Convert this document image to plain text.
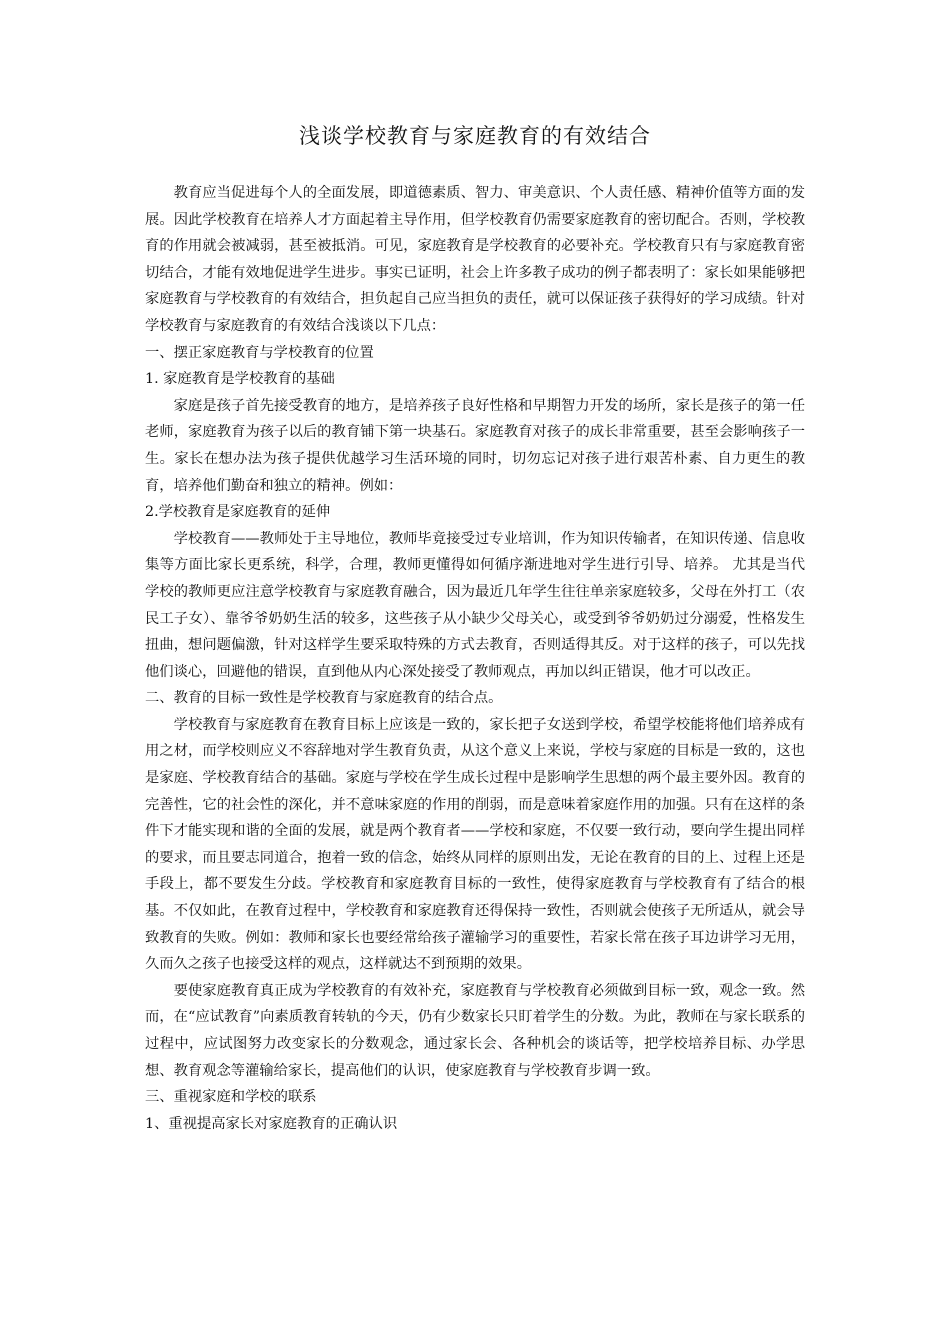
浅谈学校教育与家庭教育的有效结合

教育应当促进每个人的全面发展，即道德素质、智力、审美意识、个人责任感、精神价值等方面的发展。因此学校教育在培养人才方面起着主导作用，但学校教育仍需要家庭教育的密切配合。否则，学校教育的作用就会被减弱，甚至被抵消。可见，家庭教育是学校教育的必要补充。学校教育只有与家庭教育密切结合，才能有效地促进学生进步。事实已证明，社会上许多教子成功的例子都表明了：家长如果能够把家庭教育与学校教育的有效结合，担负起自己应当担负的责任，就可以保证孩子获得好的学习成绩。针对学校教育与家庭教育的有效结合浅谈以下几点：

一、摆正家庭教育与学校教育的位置

1. 家庭教育是学校教育的基础

家庭是孩子首先接受教育的地方，是培养孩子良好性格和早期智力开发的场所，家长是孩子的第一任老师，家庭教育为孩子以后的教育铺下第一块基石。家庭教育对孩子的成长非常重要，甚至会影响孩子一生。家长在想办法为孩子提供优越学习生活环境的同时，切勿忘记对孩子进行艰苦朴素、自力更生的教育，培养他们勤奋和独立的精神。例如：

2.学校教育是家庭教育的延伸

学校教育——教师处于主导地位，教师毕竟接受过专业培训，作为知识传输者，在知识传递、信息收集等方面比家长更系统，科学，合理，教师更懂得如何循序渐进地对学生进行引导、培养。 尤其是当代学校的教师更应注意学校教育与家庭教育融合，因为最近几年学生往往单亲家庭较多，父母在外打工（农民工子女）、靠爷爷奶奶生活的较多，这些孩子从小缺少父母关心，或受到爷爷奶奶过分溺爱，性格发生扭曲，想问题偏激，针对这样学生要采取特殊的方式去教育，否则适得其反。对于这样的孩子，可以先找他们谈心，回避他的错误，直到他从内心深处接受了教师观点，再加以纠正错误，他才可以改正。

二、教育的目标一致性是学校教育与家庭教育的结合点。

学校教育与家庭教育在教育目标上应该是一致的，家长把子女送到学校，希望学校能将他们培养成有用之材，而学校则应义不容辞地对学生教育负责，从这个意义上来说，学校与家庭的目标是一致的，这也是家庭、学校教育结合的基础。家庭与学校在学生成长过程中是影响学生思想的两个最主要外因。教育的完善性，它的社会性的深化，并不意味家庭的作用的削弱，而是意味着家庭作用的加强。只有在这样的条件下才能实现和谐的全面的发展，就是两个教育者——学校和家庭，不仅要一致行动，要向学生提出同样的要求，而且要志同道合，抱着一致的信念，始终从同样的原则出发，无论在教育的目的上、过程上还是手段上，都不要发生分歧。学校教育和家庭教育目标的一致性，使得家庭教育与学校教育有了结合的根基。不仅如此，在教育过程中，学校教育和家庭教育还得保持一致性，否则就会使孩子无所适从，就会导致教育的失败。例如：教师和家长也要经常给孩子灌输学习的重要性，若家长常在孩子耳边讲学习无用，久而久之孩子也接受这样的观点，这样就达不到预期的效果。

要使家庭教育真正成为学校教育的有效补充，家庭教育与学校教育必须做到目标一致，观念一致。然而，在“应试教育”向素质教育转轨的今天，仍有少数家长只盯着学生的分数。为此，教师在与家长联系的过程中，应试图努力改变家长的分数观念，通过家长会、各种机会的谈话等，把学校培养目标、办学思想、教育观念等灌输给家长，提高他们的认识，使家庭教育与学校教育步调一致。

三、重视家庭和学校的联系

1、重视提高家长对家庭教育的正确认识
